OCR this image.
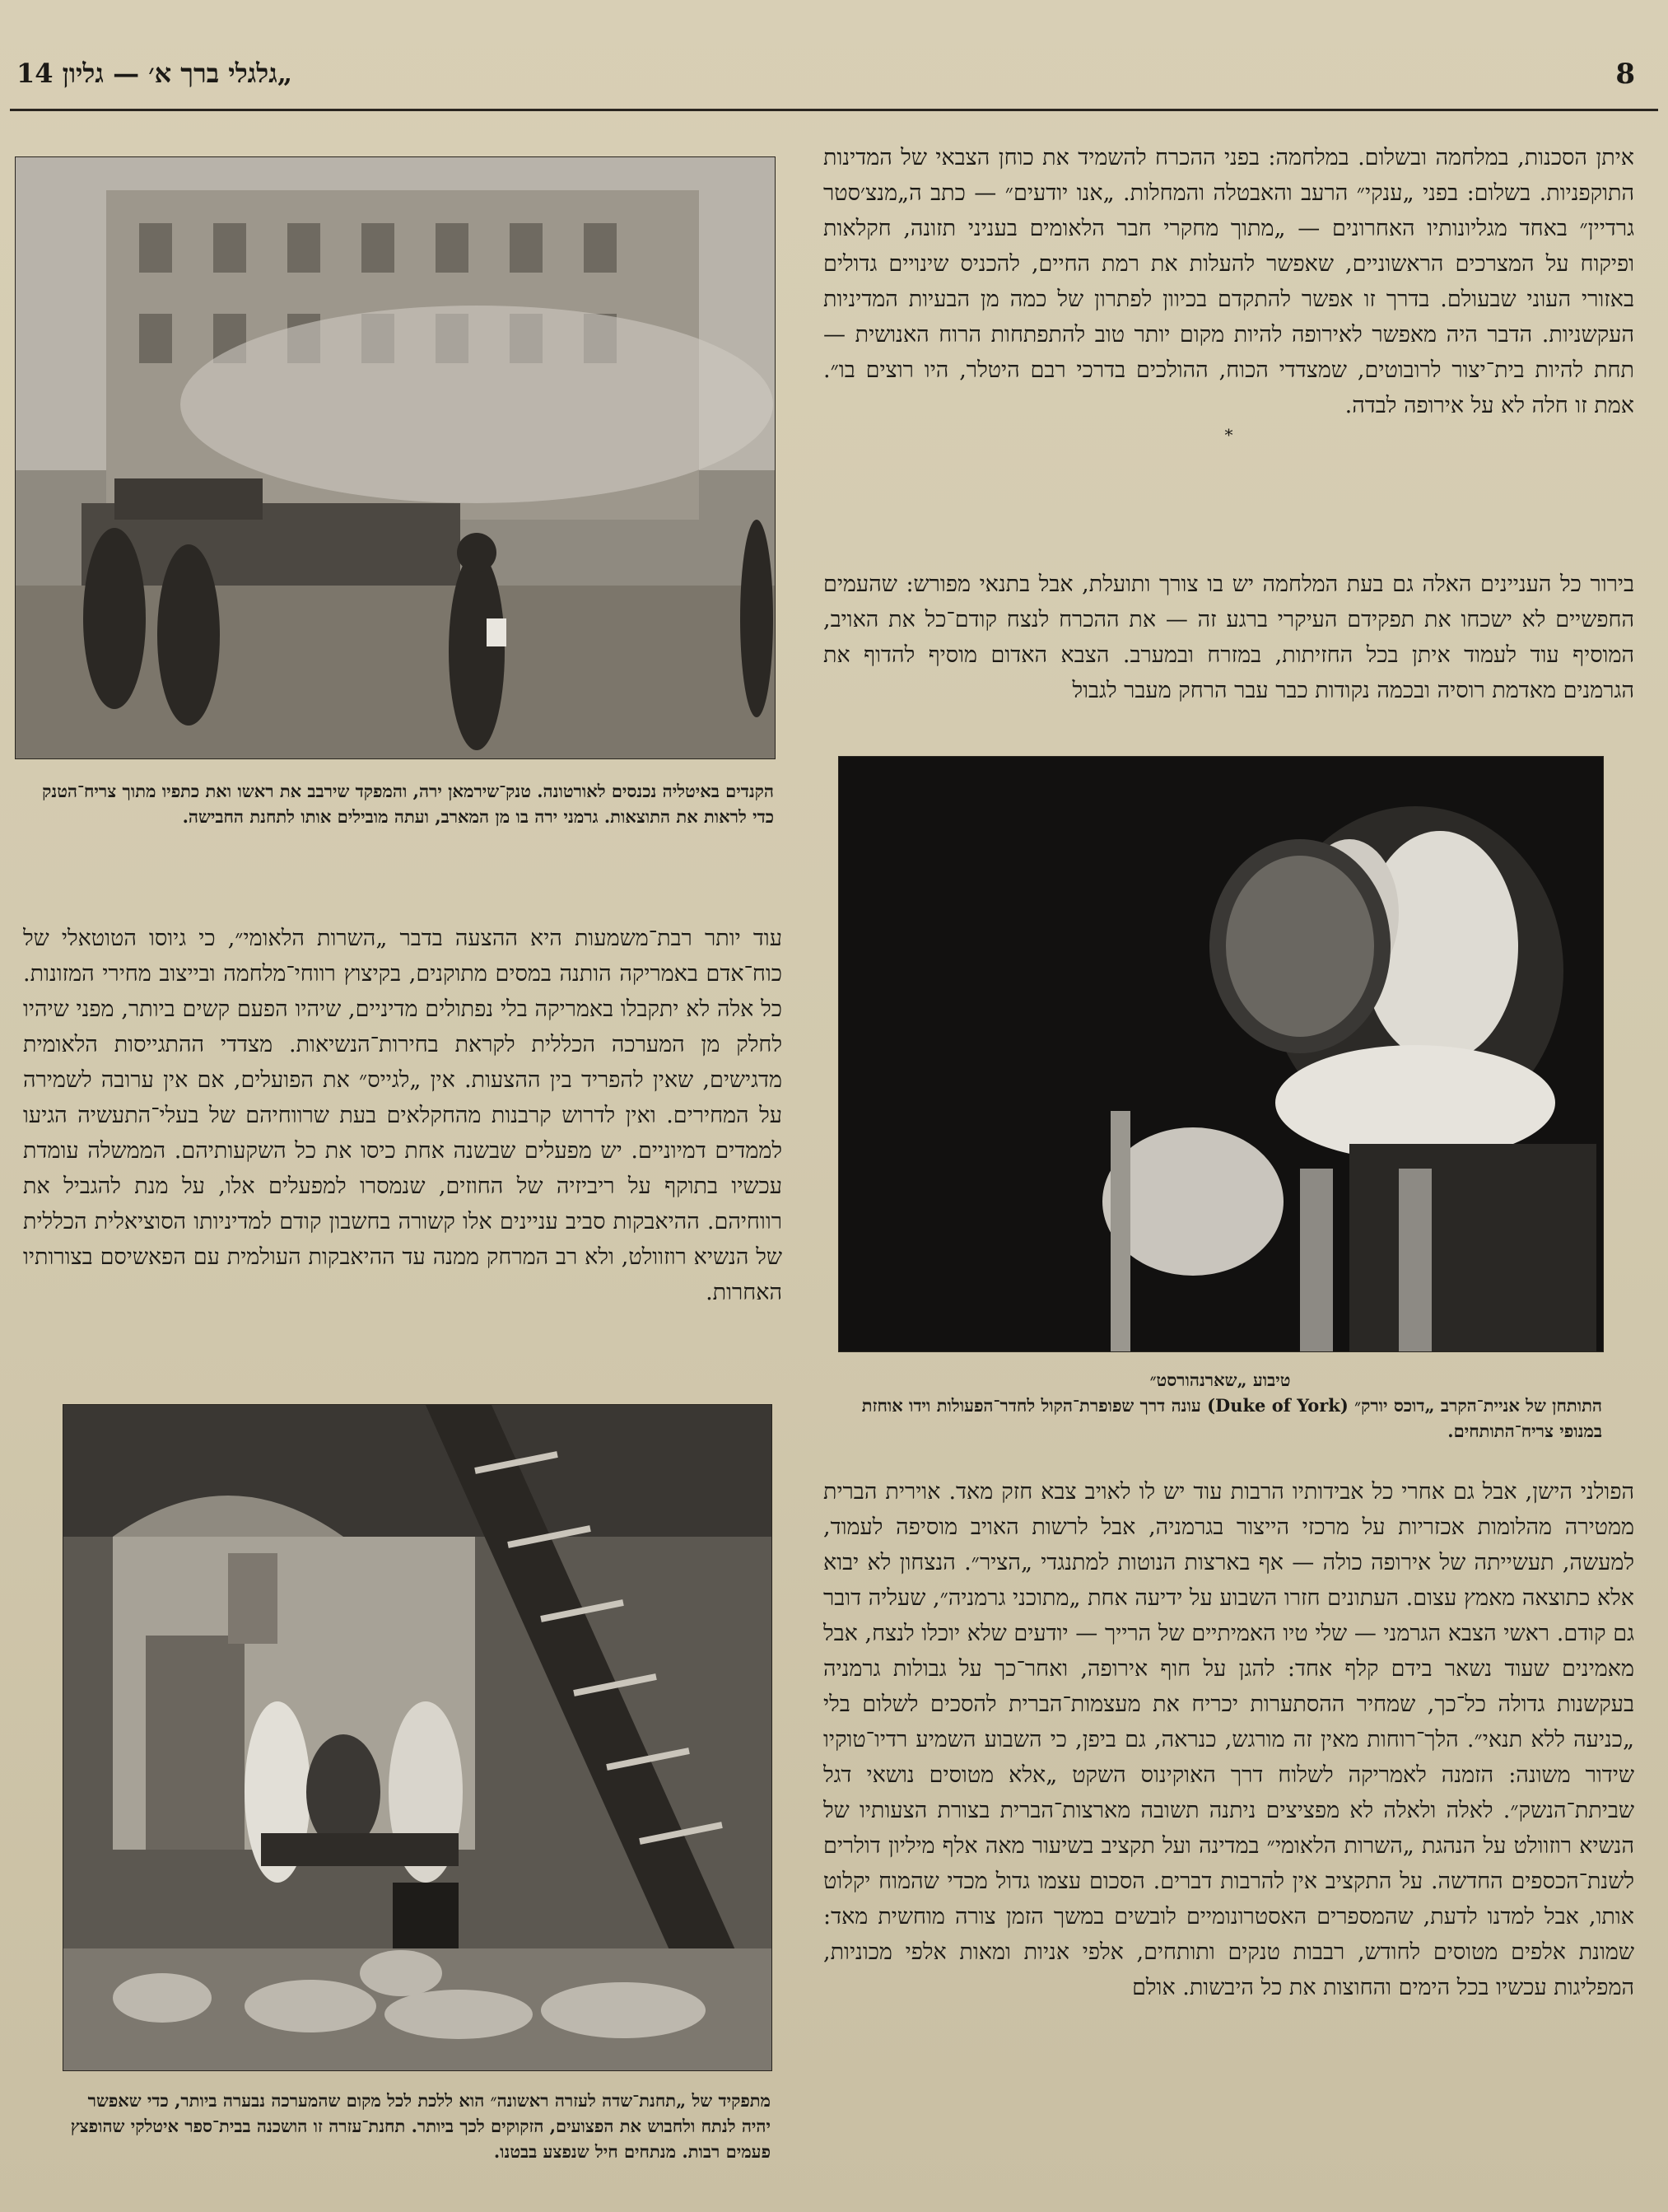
8
„גלגלי ברך א׳ — גליון 14
הקנדים באיטליה נכנסים לאורטונה. טנק־שירמאן ירה, והמפקד שירבב את ראשו ואת כתפיו מתוך צריח־הטנק כדי לראות את התוצאות. גרמני ירה בו מן המארב, ועתה מובילים אותו לתחנת החבישה.

איתן הסכנות, במלחמה ובשלום. במלחמה: בפני ההכרח להשמיד את כוחן הצבאי של המדינות התוקפניות. בשלום: בפני „ענקי״ הרעב והאבטלה והמחלות. „אנו יודעים״ — כתב ה„מנצ׳סטר גרדיין״ באחד מגליונותיו האחרונים — „מתוך מחקרי חבר הלאומים בעניני תזונה, חקלאות ופיקוח על המצרכים הראשוניים, שאפשר להעלות את רמת החיים, להכניס שינויים גדולים באזורי העוני שבעולם. בדרך זו אפשר להתקדם בכיוון לפתרון של כמה מן הבעיות המדיניות העקשניות. הדבר היה מאפשר לאירופה להיות מקום יותר טוב להתפתחות הרוח האנושית — תחת להיות בית־יצור לרובוטים, שמצדדי הכוח, ההולכים בדרכי רבם היטלר, היו רוצים בו״. אמת זו חלה לא על אירופה לבדה.

*

בירור כל העניינים האלה גם בעת המלחמה יש בו צורך ותועלת, אבל בתנאי מפורש: שהעמים החפשיים לא ישכחו את תפקידם העיקרי ברגע זה — את ההכרח לנצח קודם־כל את האויב, המוסיף עוד לעמוד איתן בכל החזיתות, במזרח ובמערב. הצבא האדום מוסיף להדוף את הגרמנים מאדמת רוסיה ובכמה נקודות כבר עבר הרחק מעבר לגבול

טיבוע „שארנהורסט״
התותחן של אניית־הקרב „דוכס יורק״ (Duke of York) עונה דרך שפופרת־הקול לחדר־הפעולות וידו אוחזת במנופי צריח־התותחים.

עוד יותר רבת־משמעות היא ההצעה בדבר „השרות הלאומי״, כי גיוסו הטוטאלי של כוח־אדם באמריקה הותנה במסים מתוקנים, בקיצוץ רווחי־מלחמה ובייצוב מחירי המזונות. כל אלה לא יתקבלו באמריקה בלי נפתולים מדיניים, שיהיו הפעם קשים ביותר, מפני שיהיו לחלק מן המערכה הכללית לקראת בחירות־הנשיאות. מצדדי ההתגייסות הלאומית מדגישים, שאין להפריד בין ההצעות. אין „לגייס״ את הפועלים, אם אין ערובה לשמירה על המחירים. ואין לדרוש קרבנות מהחקלאים בעת שרווחיהם של בעלי־התעשיה הגיעו לממדים דמיוניים. יש מפעלים שבשנה אחת כיסו את כל השקעותיהם. הממשלה עומדת עכשיו בתוקף על ריביזיה של החוזים, שנמסרו למפעלים אלו, על מנת להגביל את רווחיהם. ההיאבקות סביב עניינים אלו קשורה בחשבון קודם למדיניותו הסוציאלית הכללית של הנשיא רוזוולט, ולא רב המרחק ממנה עד ההיאבקות העולמית עם הפאשיסם בצורותיו האחרות.

הפולני הישן, אבל גם אחרי כל אבידותיו הרבות עוד יש לו לאויב צבא חזק מאד. אוירית הברית ממטירה מהלומות אכזריות על מרכזי הייצור בגרמניה, אבל לרשות האויב מוסיפה לעמוד, למעשה, תעשייתה של אירופה כולה — אף בארצות הנוטות למתנגדי „הציר״. הנצחון לא יבוא אלא כתוצאה מאמץ עצום. העתונים חזרו השבוע על ידיעה אחת „מתוכני גרמניה״, שעליה דובר גם קודם. ראשי הצבא הגרמני — שלי טיו האמיתיים של הרייך — יודעים שלא יוכלו לנצח, אבל מאמינים שעוד נשאר בידם קלף אחד: להגן על חוף אירופה, ואחר־כך על גבולות גרמניה בעקשנות גדולה כל־כך, שמחיר ההסתערות יכריח את מעצמות־הברית להסכים לשלום בלי „כניעה ללא תנאי״. הלך־רוחות מאין זה מורגש, כנראה, גם ביפן, כי השבוע השמיע רדיו־טוקיו שידור משונה: הזמנה לאמריקה לשלוח דרך האוקינוס השקט „אלא מטוסים נושאי דגל שביתת־הנשק״. לאלה ולאלה לא מפציצים ניתנה תשובה מארצות־הברית בצורת הצעותיו של הנשיא רוזוולט על הנהגת „השרות הלאומי״ במדינה ועל תקציב בשיעור מאה אלף מיליון דולרים לשנת־הכספים החדשה. על התקציב אין להרבות דברים. הסכום עצמו גדול מכדי שהמוח יקלוט אותו, אבל למדנו לדעת, שהמספרים האסטרונומיים לובשים במשך הזמן צורה מוחשית מאד: שמונת אלפים מטוסים לחודש, רבבות טנקים ותותחים, אלפי אניות ומאות אלפי מכוניות, המפליגות עכשיו בכל הימים והחוצות את כל היבשות. אולם

מתפקיד של „תחנת־שדה לעזרה ראשונה״ הוא ללכת לכל מקום שהמערכה נבערה ביותר, כדי שאפשר יהיה לנתח ולחבוש את הפצועים, הזקוקים לכך ביותר. תחנת־עזרה זו הושכנה בבית־ספר איטלקי שהופצץ פעמים רבות. מנתחים חיל שנפצע בבטנו.
